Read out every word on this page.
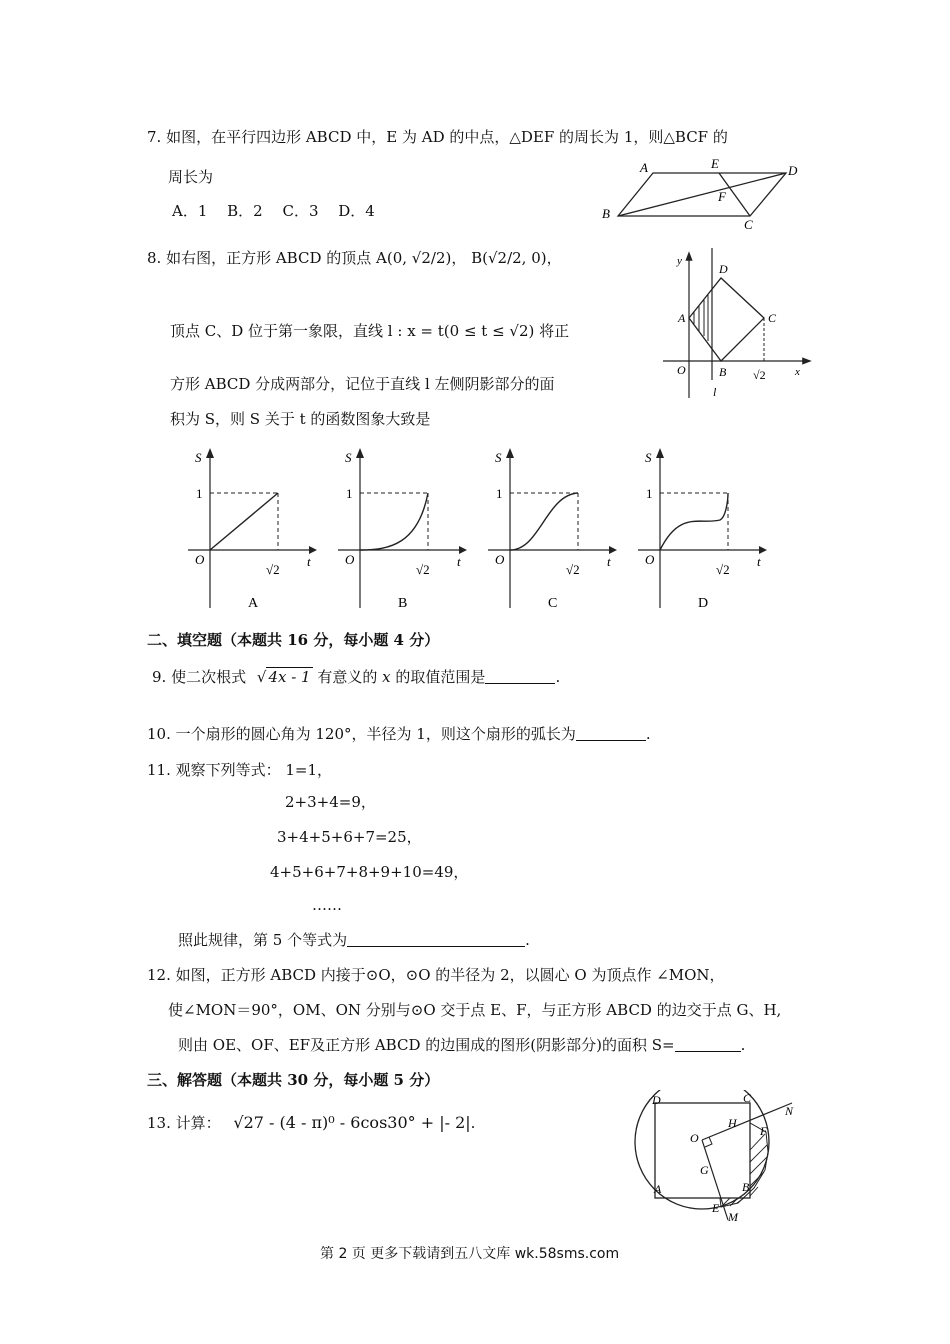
7. 如图，在平行四边形 ABCD 中，E 为 AD 的中点，△DEF 的周长为 1，则△BCF 的
周长为
A．1　 B．2　 C．3　 D．4
A	E	D
F
B
C
8. 如右图，正方形 ABCD 的顶点 A(0, √2/2)， B(√2/2, 0)，
顶点 C、D 位于第一象限，直线 l : x = t(0 ≤ t ≤ √2) 将正
方形 ABCD 分成两部分，记位于直线 l 左侧阴影部分的面
积为 S，则 S 关于 t 的函数图象大致是
y
x
O
A
B
C
D
√2
l
S
1
O	t
√2
A
S
1
O	t
√2
B
S
1
O	t
√2
C
S
1
O	t
√2
D
二、填空题（本题共 16 分，每小题 4 分）
9. 使二次根式 √ 4x - 1 有意义的 x 的取值范围是	.
10. 一个扇形的圆心角为 120°，半径为 1，则这个扇形的弧长为	.
11. 观察下列等式： 1=1，
2+3+4=9，
3+4+5+6+7=25，
4+5+6+7+8+9+10=49，
……
照此规律，第 5 个等式为	.
12. 如图，正方形 ABCD 内接于⊙O，⊙O 的半径为 2，以圆心 O 为顶点作 ∠MON，
使∠MON＝90°，OM、ON 分别与⊙O 交于点 E、F，与正方形 ABCD 的边交于点 G、H,
则由 OE、OF、EF及正方形 ABCD 的边围成的图形(阴影部分)的面积 S=	.
三、解答题（本题共 30 分，每小题 5 分）
13. 计算： √27 - (4 - π)⁰ - 6cos30° + |- 2|.
D	C
N
H
F
O
G
A	B
E
M
第 2 页 更多下载请到五八文库 wk.58sms.com
